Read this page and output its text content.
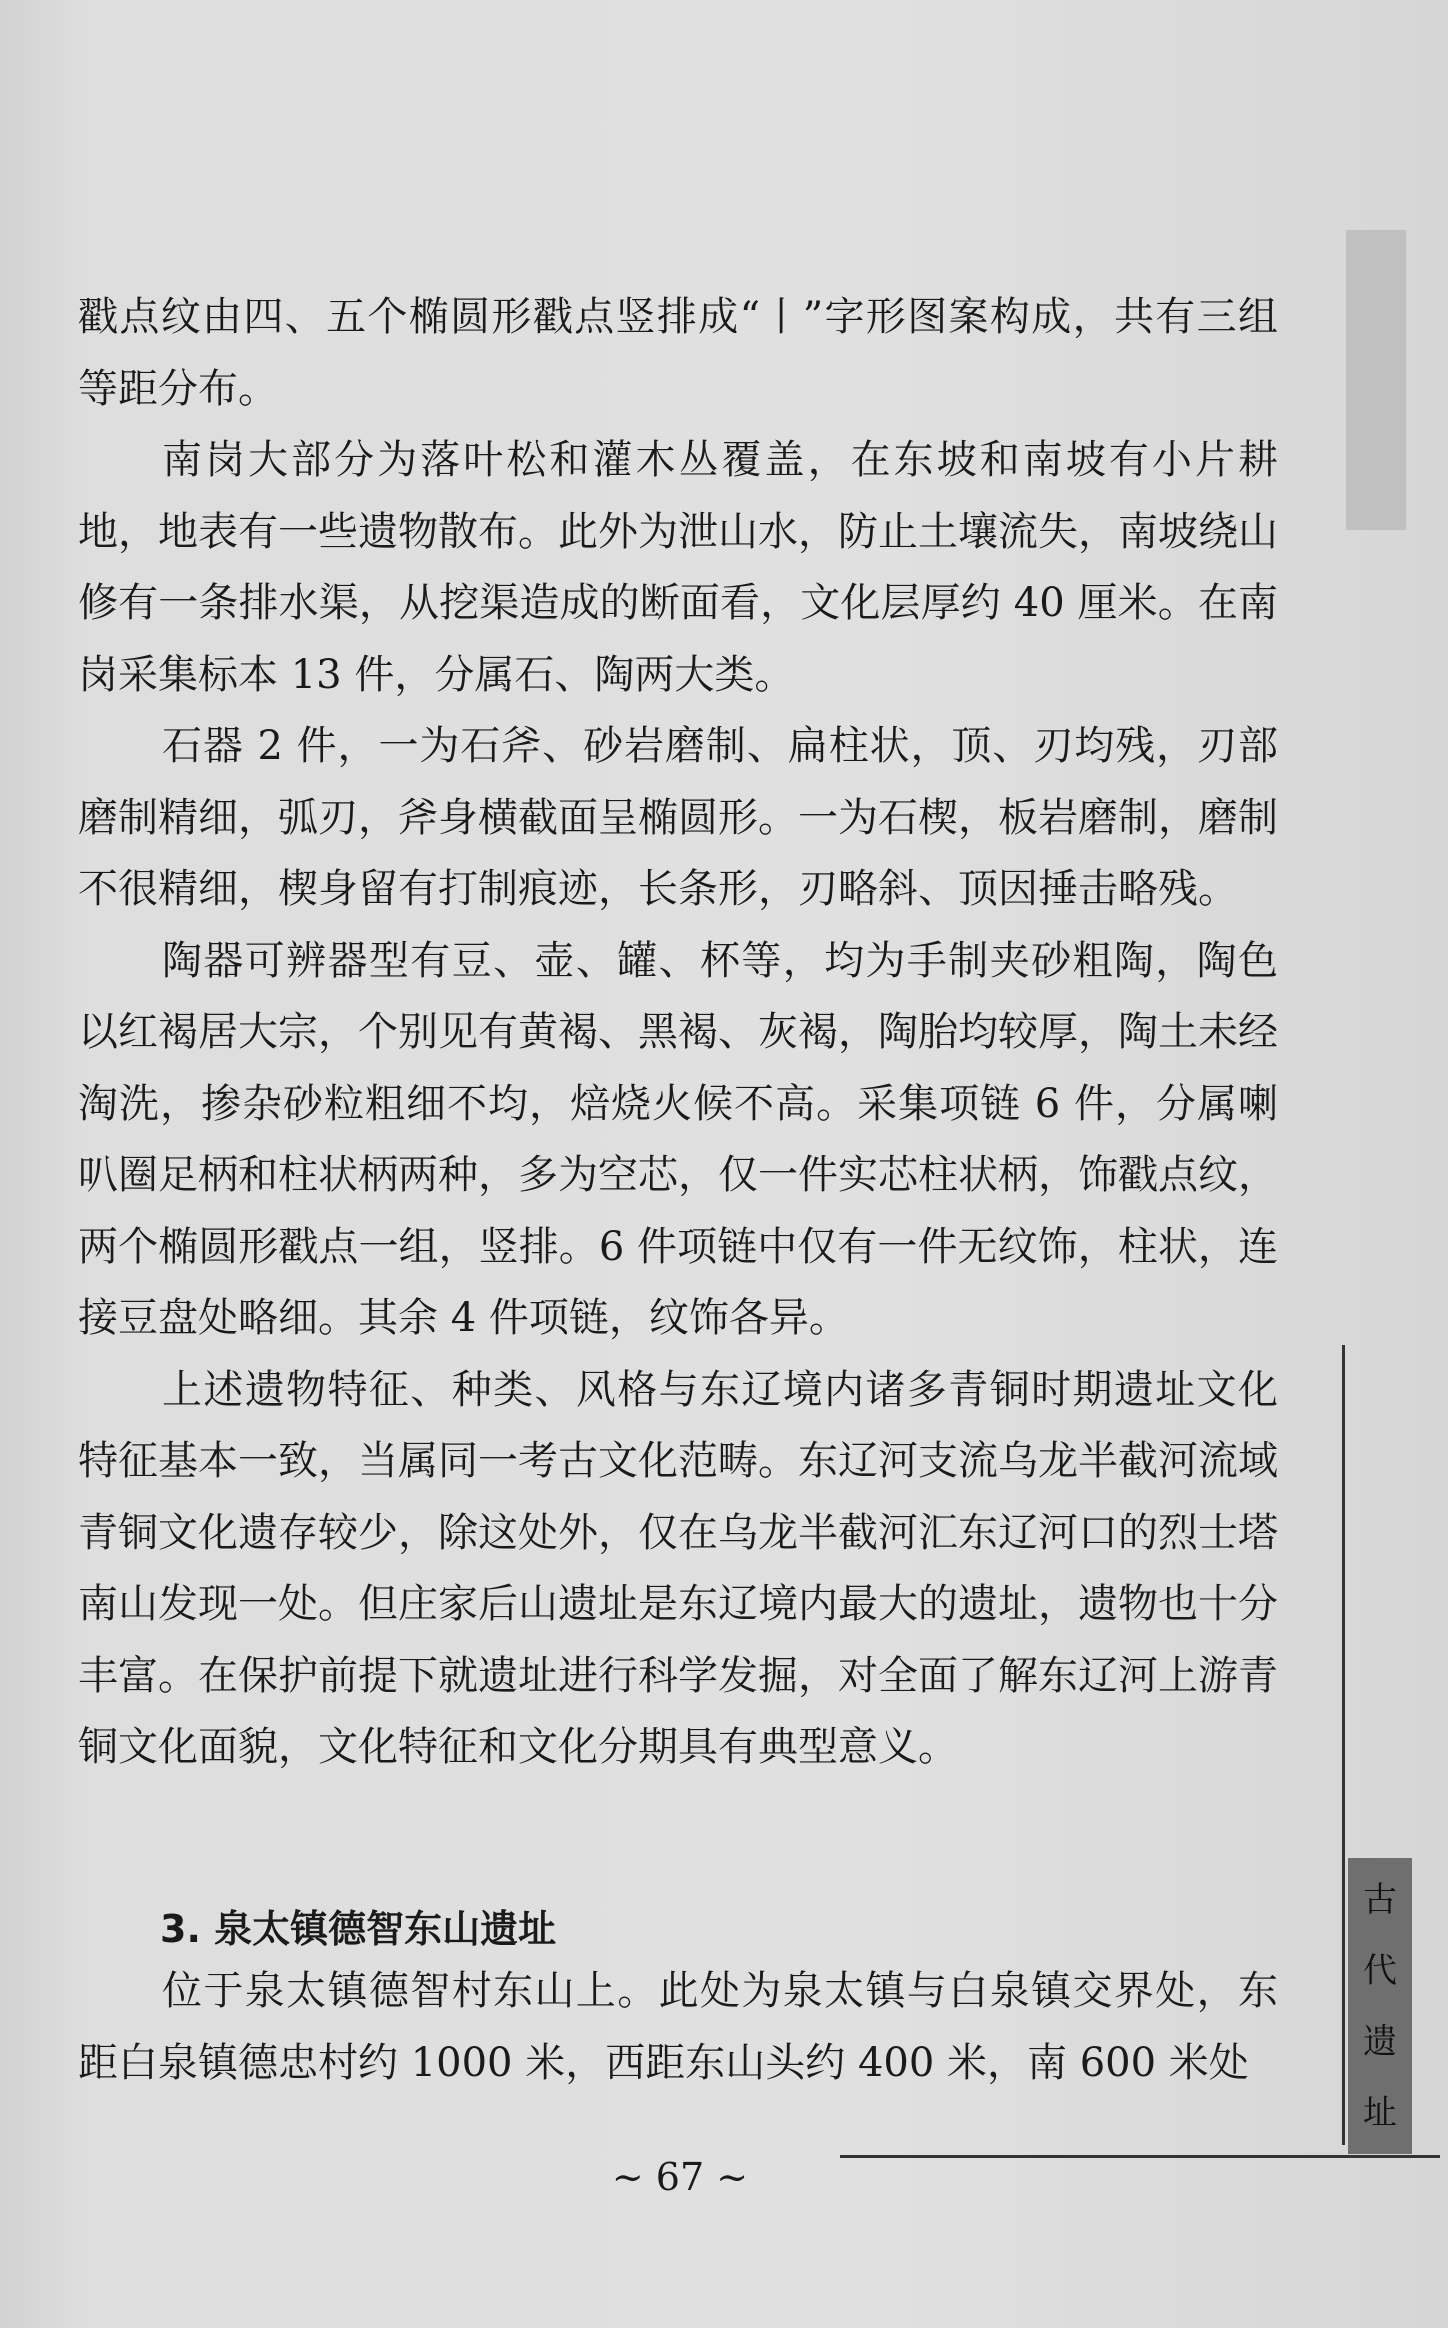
戳点纹由四、五个椭圆形戳点竖排成“丨”字形图案构成，共有三组等距分布。

南岗大部分为落叶松和灌木丛覆盖，在东坡和南坡有小片耕地，地表有一些遗物散布。此外为泄山水，防止土壤流失，南坡绕山修有一条排水渠，从挖渠造成的断面看，文化层厚约 40 厘米。在南岗采集标本 13 件，分属石、陶两大类。

石器 2 件，一为石斧、砂岩磨制、扁柱状，顶、刃均残，刃部磨制精细，弧刃，斧身横截面呈椭圆形。一为石楔，板岩磨制，磨制不很精细，楔身留有打制痕迹，长条形，刃略斜、顶因捶击略残。

陶器可辨器型有豆、壶、罐、杯等，均为手制夹砂粗陶，陶色以红褐居大宗，个别见有黄褐、黑褐、灰褐，陶胎均较厚，陶土未经淘洗，掺杂砂粒粗细不均，焙烧火候不高。采集项链 6 件，分属喇叭圈足柄和柱状柄两种，多为空芯，仅一件实芯柱状柄，饰戳点纹，两个椭圆形戳点一组，竖排。6 件项链中仅有一件无纹饰，柱状，连接豆盘处略细。其余 4 件项链，纹饰各异。

上述遗物特征、种类、风格与东辽境内诸多青铜时期遗址文化特征基本一致，当属同一考古文化范畴。东辽河支流乌龙半截河流域青铜文化遗存较少，除这处外，仅在乌龙半截河汇东辽河口的烈士塔南山发现一处。但庄家后山遗址是东辽境内最大的遗址，遗物也十分丰富。在保护前提下就遗址进行科学发掘，对全面了解东辽河上游青铜文化面貌，文化特征和文化分期具有典型意义。

3. 泉太镇德智东山遗址

位于泉太镇德智村东山上。此处为泉太镇与白泉镇交界处，东距白泉镇德忠村约 1000 米，西距东山头约 400 米，南 600 米处

古
代
遗
址
~ 67 ~
